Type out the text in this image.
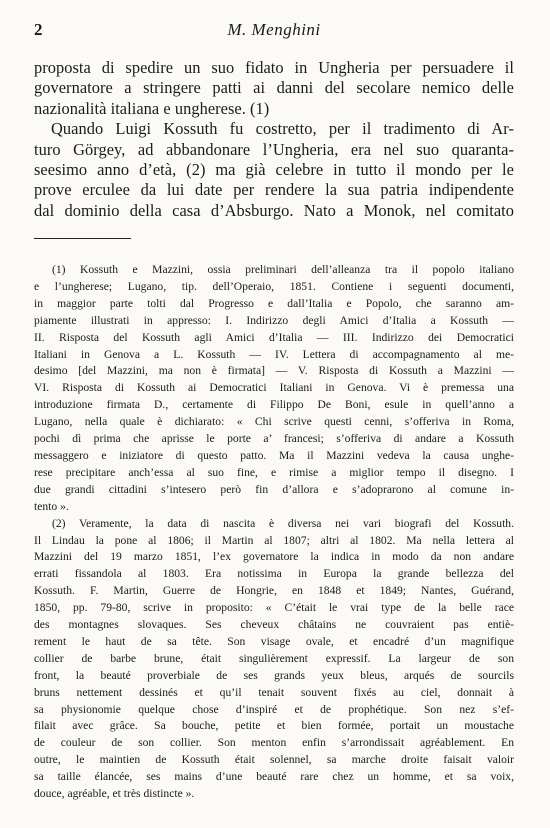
2	M. Menghini

proposta di spedire un suo fidato in Ungheria per persuadere il
governatore a stringere patti ai danni del secolare nemico delle
nazionalità italiana e ungherese. (1)

Quando Luigi Kossuth fu costretto, per il tradimento di Ar-
turo Görgey, ad abbandonare l’Ungheria, era nel suo quaranta-
seesimo anno d’età, (2) ma già celebre in tutto il mondo per le
prove erculee da lui date per rendere la sua patria indipendente
dal dominio della casa d’Absburgo. Nato a Monok, nel comitato

(1) Kossuth e Mazzini, ossia preliminari dell’alleanza tra il popolo italiano
e l’ungherese; Lugano, tip. dell’Operaio, 1851. Contiene i seguenti documenti,
in maggior parte tolti dal Progresso e dall’Italia e Popolo, che saranno am-
piamente illustrati in appresso: I. Indirizzo degli Amici d’Italia a Kossuth —
II. Risposta del Kossuth agli Amici d’Italia — III. Indirizzo dei Democratici
Italiani in Genova a L. Kossuth — IV. Lettera di accompagnamento al me-
desimo [del Mazzini, ma non è firmata] — V. Risposta di Kossuth a Mazzini —
VI. Risposta di Kossuth ai Democratici Italiani in Genova. Vi è premessa una
introduzione firmata D., certamente di Filippo De Boni, esule in quell’anno a
Lugano, nella quale è dichiarato: « Chi scrive questi cenni, s’offeriva in Roma,
pochi dì prima che aprisse le porte a’ francesi; s’offeriva di andare a Kossuth
messaggero e iniziatore di questo patto. Ma il Mazzini vedeva la causa unghe-
rese precipitare anch’essa al suo fine, e rimise a miglior tempo il disegno. I
due grandi cittadini s’intesero però fin d’allora e s’adoprarono al comune in-
tento ».

(2) Veramente, la data di nascita è diversa nei vari biografi del Kossuth.
Il Lindau la pone al 1806; il Martin al 1807; altri al 1802. Ma nella lettera al
Mazzini del 19 marzo 1851, l’ex governatore la indica in modo da non andare
errati fissandola al 1803. Era notissima in Europa la grande bellezza del
Kossuth. F. Martin, Guerre de Hongrie, en 1848 et 1849; Nantes, Guérand,
1850, pp. 79-80, scrive in proposito: « C’était le vrai type de la belle race
des montagnes slovaques. Ses cheveux châtains ne couvraient pas entiè-
rement le haut de sa tête. Son visage ovale, et encadré d’un magnifique
collier de barbe brune, était singulièrement expressif. La largeur de son
front, la beauté proverbiale de ses grands yeux bleus, arqués de sourcils
bruns nettement dessinés et qu’il tenait souvent fixés au ciel, donnait à
sa physionomie quelque chose d’inspiré et de prophétique. Son nez s’ef-
filait avec grâce. Sa bouche, petite et bien formée, portait un moustache
de couleur de son collier. Son menton enfin s’arrondissait agréablement. En
outre, le maintien de Kossuth était solennel, sa marche droite faisait valoir
sa taille élancée, ses mains d’une beauté rare chez un homme, et sa voix,
douce, agréable, et très distincte ».
